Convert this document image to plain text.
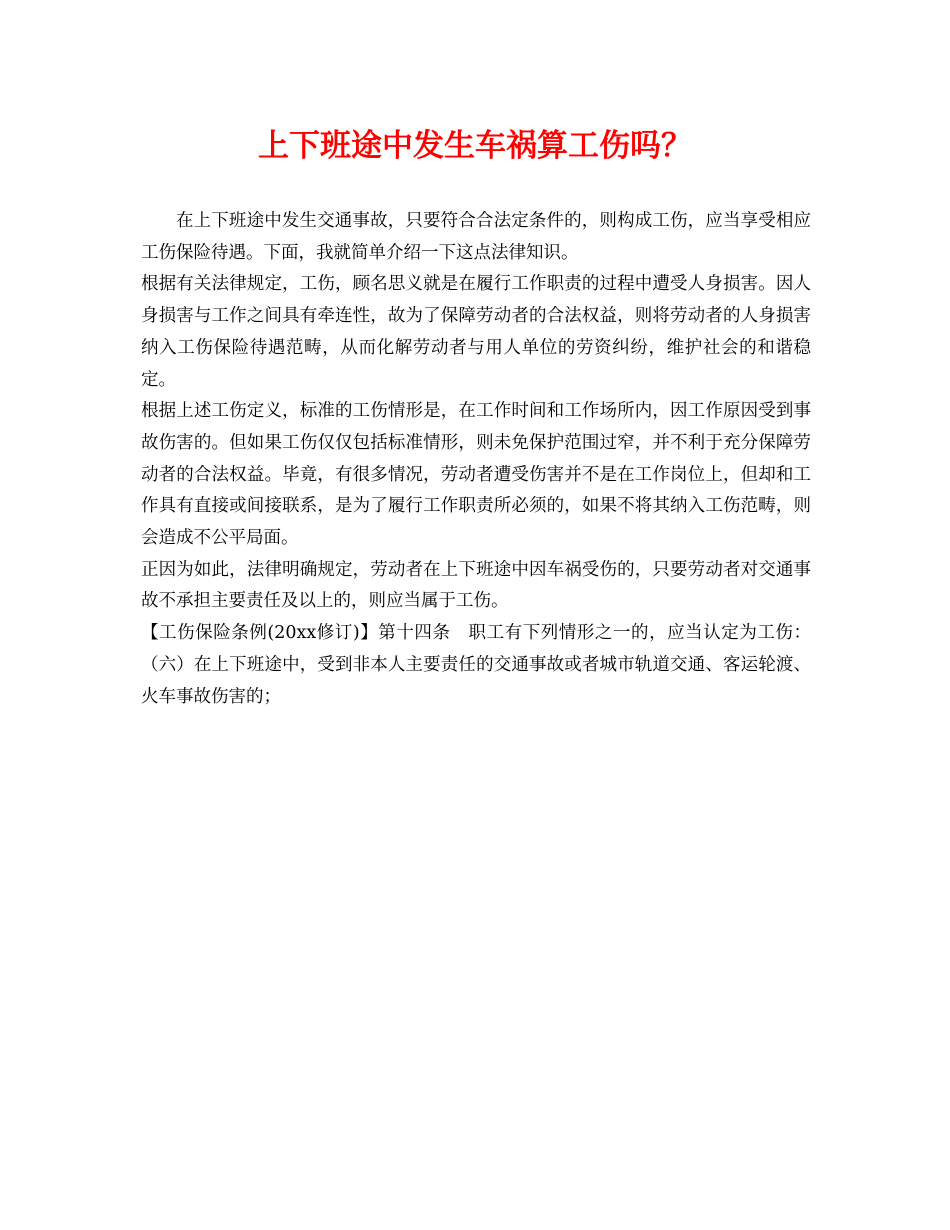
上下班途中发生车祸算工伤吗？

在上下班途中发生交通事故，只要符合合法定条件的，则构成工伤，应当享受相应工伤保险待遇。下面，我就简单介绍一下这点法律知识。

根据有关法律规定，工伤，顾名思义就是在履行工作职责的过程中遭受人身损害。因人身损害与工作之间具有牵连性，故为了保障劳动者的合法权益，则将劳动者的人身损害纳入工伤保险待遇范畴，从而化解劳动者与用人单位的劳资纠纷，维护社会的和谐稳定。

根据上述工伤定义，标准的工伤情形是，在工作时间和工作场所内，因工作原因受到事故伤害的。但如果工伤仅仅包括标准情形，则未免保护范围过窄，并不利于充分保障劳动者的合法权益。毕竟，有很多情况，劳动者遭受伤害并不是在工作岗位上，但却和工作具有直接或间接联系，是为了履行工作职责所必须的，如果不将其纳入工伤范畴，则会造成不公平局面。

正因为如此，法律明确规定，劳动者在上下班途中因车祸受伤的，只要劳动者对交通事故不承担主要责任及以上的，则应当属于工伤。

【工伤保险条例(20xx修订)】第十四条　职工有下列情形之一的，应当认定为工伤：（六）在上下班途中，受到非本人主要责任的交通事故或者城市轨道交通、客运轮渡、火车事故伤害的；
